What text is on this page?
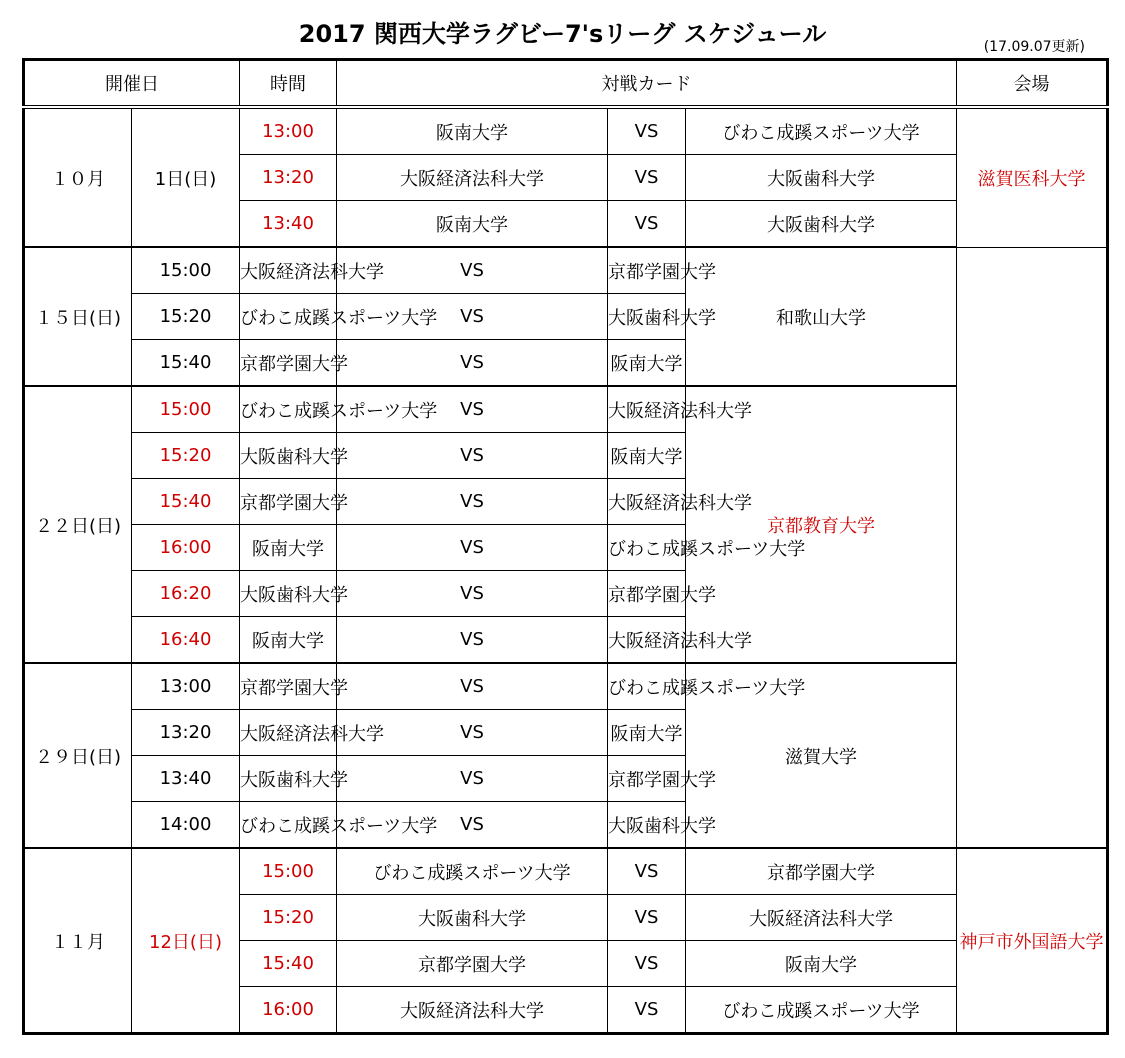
2017 関西大学ラグビー7'sリーグ スケジュール	(17.09.07更新)
開催日		時間	対戦カード			会場
１０月	1日(日)	13:00	阪南大学	VS	びわこ成蹊スポーツ大学	滋賀医科大学
		13:20	大阪経済法科大学	VS	大阪歯科大学	
		13:40	阪南大学	VS	大阪歯科大学	
１５日(日)	15:00	大阪経済法科大学	VS	京都学園大学	和歌山大学	
	15:20	びわこ成蹊スポーツ大学	VS	大阪歯科大学		
	15:40	京都学園大学	VS	阪南大学		
２２日(日)	15:00	びわこ成蹊スポーツ大学	VS	大阪経済法科大学	京都教育大学	
	15:20	大阪歯科大学	VS	阪南大学		
	15:40	京都学園大学	VS	大阪経済法科大学		
	16:00	阪南大学	VS	びわこ成蹊スポーツ大学		
	16:20	大阪歯科大学	VS	京都学園大学		
	16:40	阪南大学	VS	大阪経済法科大学		
２９日(日)	13:00	京都学園大学	VS	びわこ成蹊スポーツ大学	滋賀大学	
	13:20	大阪経済法科大学	VS	阪南大学		
	13:40	大阪歯科大学	VS	京都学園大学		
	14:00	びわこ成蹊スポーツ大学	VS	大阪歯科大学		
１１月	12日(日)	15:00	びわこ成蹊スポーツ大学	VS	京都学園大学	神戸市外国語大学
		15:20	大阪歯科大学	VS	大阪経済法科大学	
		15:40	京都学園大学	VS	阪南大学	
		16:00	大阪経済法科大学	VS	びわこ成蹊スポーツ大学	
